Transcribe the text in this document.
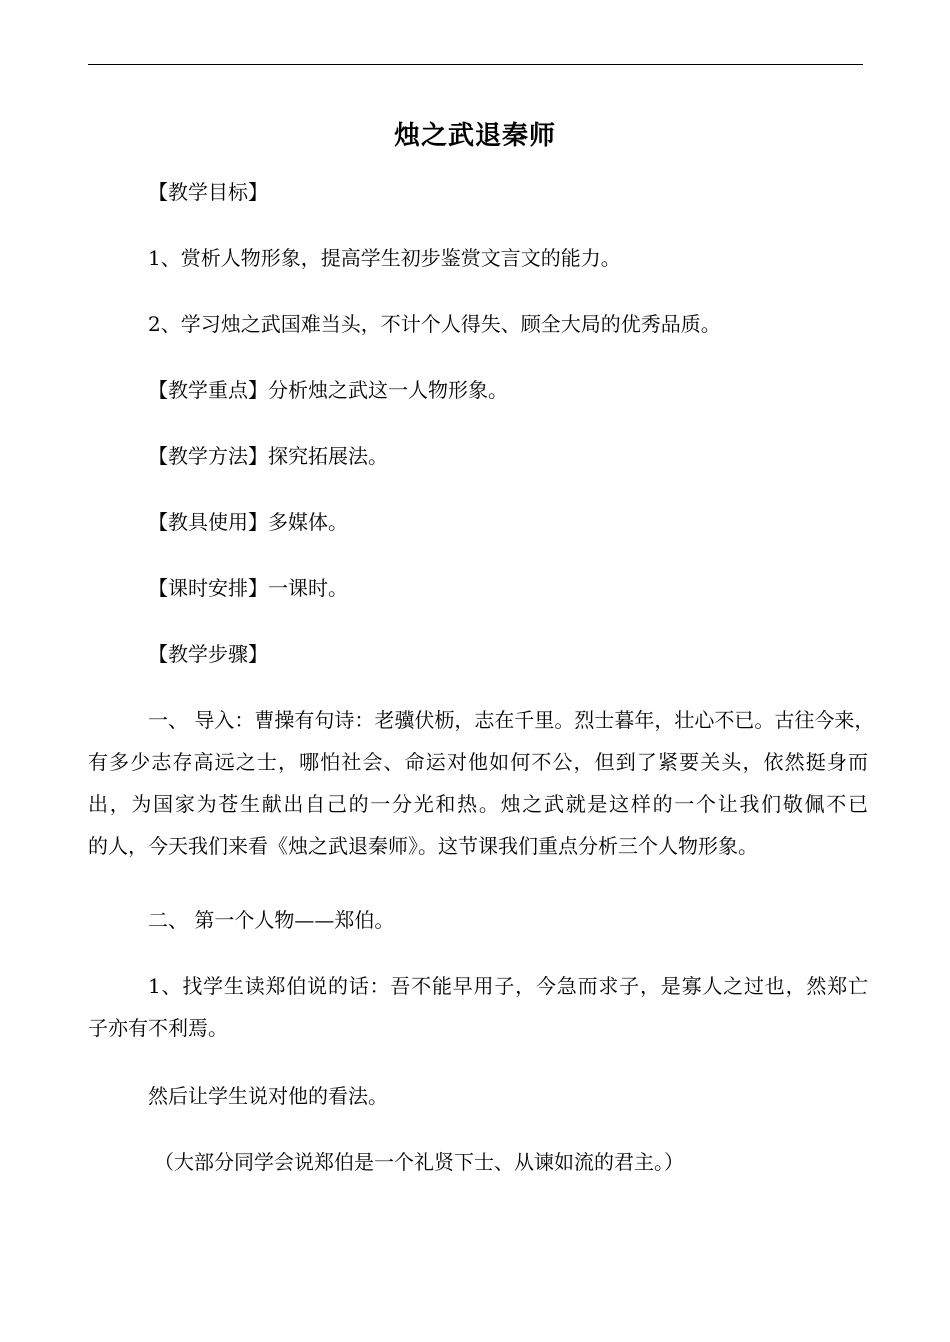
烛之武退秦师
【教学目标】
1、赏析人物形象，提高学生初步鉴赏文言文的能力。
2、学习烛之武国难当头，不计个人得失、顾全大局的优秀品质。
【教学重点】分析烛之武这一人物形象。
【教学方法】探究拓展法。
【教具使用】多媒体。
【课时安排】一课时。
【教学步骤】
一、 导入：曹操有句诗：老骥伏枥，志在千里。烈士暮年，壮心不已。古往今来，
有多少志存高远之士，哪怕社会、命运对他如何不公，但到了紧要关头，依然挺身而
出，为国家为苍生献出自己的一分光和热。烛之武就是这样的一个让我们敬佩不已
的人，今天我们来看《烛之武退秦师》。这节课我们重点分析三个人物形象。
二、 第一个人物——郑伯。
1、找学生读郑伯说的话：吾不能早用子，今急而求子，是寡人之过也，然郑亡
子亦有不利焉。
然后让学生说对他的看法。
（大部分同学会说郑伯是一个礼贤下士、从谏如流的君主。）
